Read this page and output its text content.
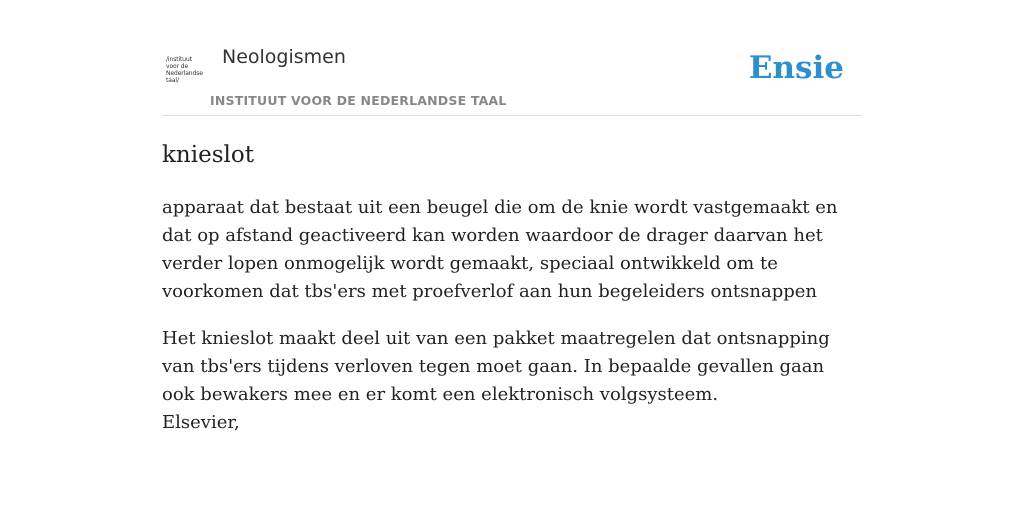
/instituut
voor de
Nederlandse
taal/
Neologismen
INSTITUUT VOOR DE NEDERLANDSE TAAL
Ensie
knieslot

apparaat dat bestaat uit een beugel die om de knie wordt vastgemaakt en dat op afstand geactiveerd kan worden waardoor de drager daarvan het verder lopen onmogelijk wordt gemaakt, speciaal ontwikkeld om te voorkomen dat tbs'ers met proefverlof aan hun begeleiders ontsnappen

Het knieslot maakt deel uit van een pakket maatregelen dat ontsnapping van tbs'ers tijdens verloven tegen moet gaan. In bepaalde gevallen gaan ook bewakers mee en er komt een elektronisch volgsysteem.
Elsevier,
